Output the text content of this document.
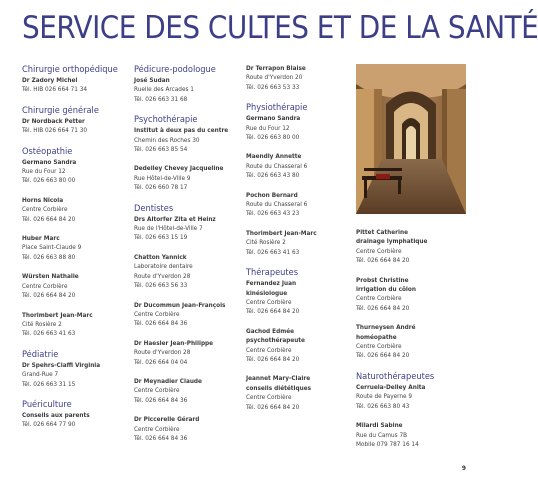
SERVICE DES CULTES ET DE LA SANTÉ
Chirurgie orthopédique
Dr Zadory Michel
Tél. HIB 026 664 71 34
Chirurgie générale
Dr Nordback Petter
Tél. HIB 026 664 71 30
Ostéopathie
Germano Sandra
Rue du Four 12
Tél. 026 663 80 00
Horns Nicola
Centre Corbière
Tél. 026 664 84 20
Huber Marc
Place Saint-Claude 9
Tél. 026 663 88 80
Würsten Nathalie
Centre Corbière
Tél. 026 664 84 20
Thorimbert Jean-Marc
Cité Rosière 2
Tél. 026 663 41 63
Pédiatrie
Dr Spehrs-Ciaffi Virginia
Grand-Rue 7
Tél. 026 663 31 15
Puériculture
Conseils aux parents
Tél. 026 664 77 90
Pédicure-podologue
José Sudan
Ruelle des Arcades 1
Tél. 026 663 31 68
Psychothérapie
Institut à deux pas du centre
Chemin des Roches 30
Tél. 026 663 85 54
Dedelley Chevey Jacqueline
Rue Hôtel-de-Ville 9
Tél. 026 660 78 17
Dentistes
Drs Altorfer Zita et Heinz
Rue de l'Hôtel-de-Ville 7
Tél. 026 663 15 19
Chatton Yannick
Laboratoire dentaire
Route d'Yverdon 28
Tél. 026 663 56 33
Dr Ducommun Jean-François
Centre Corbière
Tél. 026 664 84 36
Dr Haesler Jean-Philippe
Route d'Yverdon 28
Tél. 026 664 04 04
Dr Meynadier Claude
Centre Corbière
Tél. 026 664 84 36
Dr Piccerelle Gérard
Centre Corbière
Tél. 026 664 84 36
Dr Terrapon Blaise
Route d'Yverdon 20
Tél. 026 663 53 33
Physiothérapie
Germano Sandra
Rue du Four 12
Tél. 026 663 80 00
Maendly Annette
Route du Chasseral 6
Tél. 026 663 43 80
Pochon Bernard
Route du Chasseral 6
Tél. 026 663 43 23
Thorimbert Jean-Marc
Cité Rosière 2
Tél. 026 663 41 63
Thérapeutes
Fernandez Juan
kinésiologue
Centre Corbière
Tél. 026 664 84 20
Gachod Edmée
psychothérapeute
Centre Corbière
Tél. 026 664 84 20
Jeannet Mary-Claire
conseils diététiques
Centre Corbière
Tél. 026 664 84 20
Pittet Catherine
drainage lymphatique
Centre Corbière
Tél. 026 664 84 20
Probst Christine
irrigation du côlon
Centre Corbière
Tél. 026 664 84 20
Thurneysen André
homéopathe
Centre Corbière
Tél. 026 664 84 20
Naturothérapeutes
Cerruela-Delley Anita
Route de Payerne 9
Tél. 026 663 80 43
Milardi Sabine
Rue du Camus 7B
Mobile 079 787 16 14
9
